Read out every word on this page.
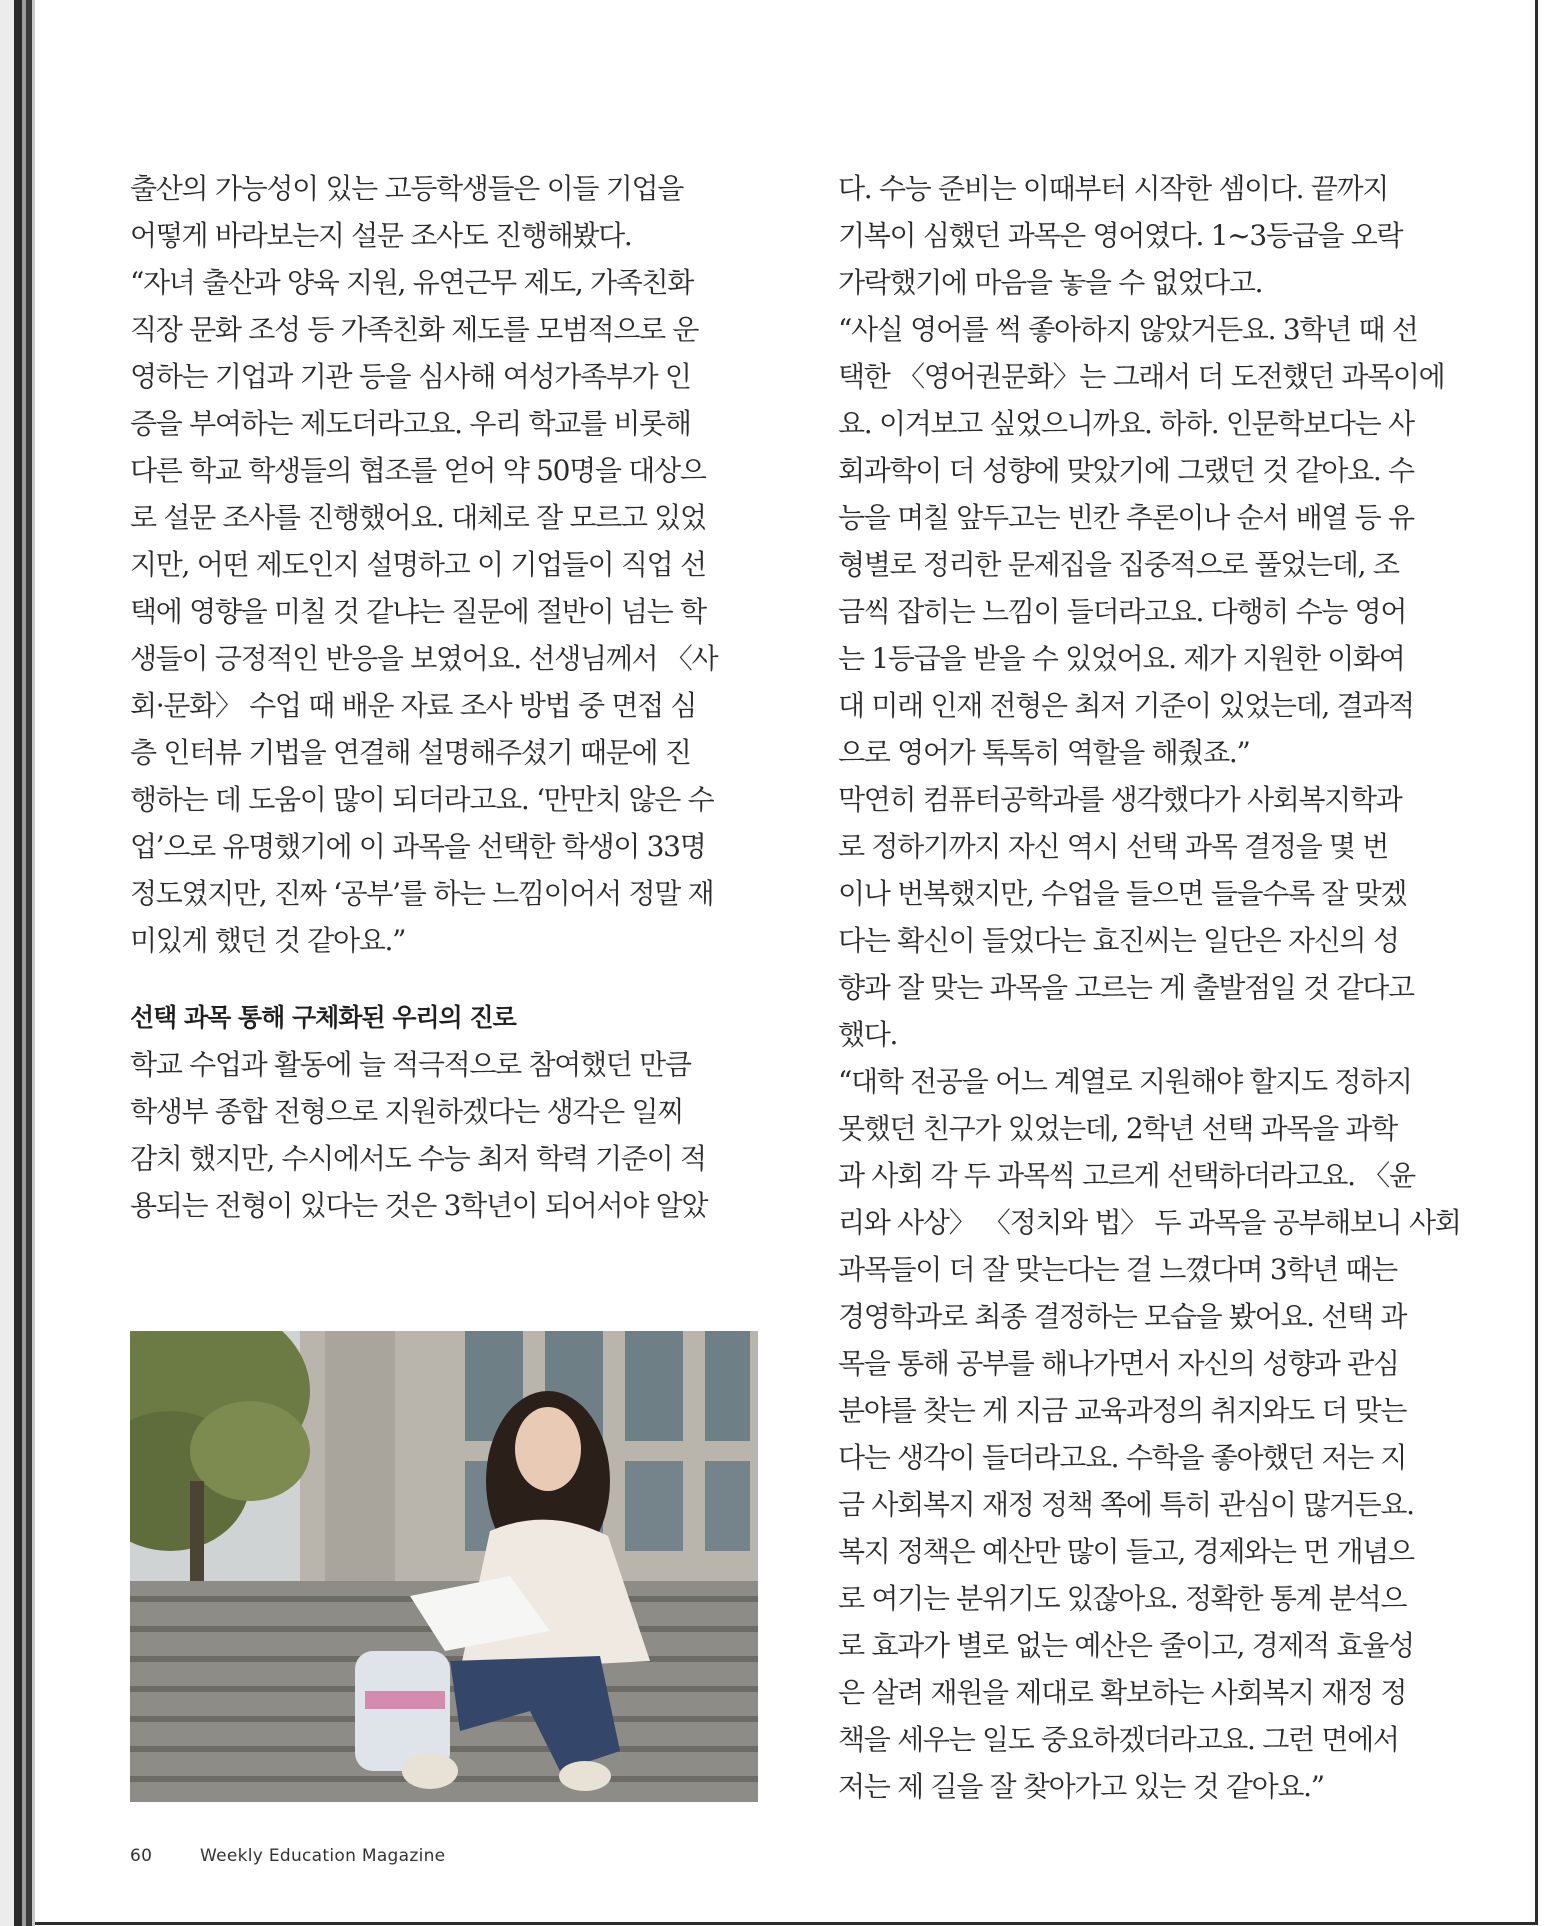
출산의 가능성이 있는 고등학생들은 이들 기업을
어떻게 바라보는지 설문 조사도 진행해봤다.
“자녀 출산과 양육 지원, 유연근무 제도, 가족친화
직장 문화 조성 등 가족친화 제도를 모범적으로 운
영하는 기업과 기관 등을 심사해 여성가족부가 인
증을 부여하는 제도더라고요. 우리 학교를 비롯해
다른 학교 학생들의 협조를 얻어 약 50명을 대상으
로 설문 조사를 진행했어요. 대체로 잘 모르고 있었
지만, 어떤 제도인지 설명하고 이 기업들이 직업 선
택에 영향을 미칠 것 같냐는 질문에 절반이 넘는 학
생들이 긍정적인 반응을 보였어요. 선생님께서 〈사
회·문화〉 수업 때 배운 자료 조사 방법 중 면접 심
층 인터뷰 기법을 연결해 설명해주셨기 때문에 진
행하는 데 도움이 많이 되더라고요. ‘만만치 않은 수
업’으로 유명했기에 이 과목을 선택한 학생이 33명
정도였지만, 진짜 ‘공부’를 하는 느낌이어서 정말 재
미있게 했던 것 같아요.”
선택 과목 통해 구체화된 우리의 진로
학교 수업과 활동에 늘 적극적으로 참여했던 만큼
학생부 종합 전형으로 지원하겠다는 생각은 일찌
감치 했지만, 수시에서도 수능 최저 학력 기준이 적
용되는 전형이 있다는 것은 3학년이 되어서야 알았
다. 수능 준비는 이때부터 시작한 셈이다. 끝까지
기복이 심했던 과목은 영어였다. 1~3등급을 오락
가락했기에 마음을 놓을 수 없었다고.
“사실 영어를 썩 좋아하지 않았거든요. 3학년 때 선
택한 〈영어권문화〉는 그래서 더 도전했던 과목이에
요. 이겨보고 싶었으니까요. 하하. 인문학보다는 사
회과학이 더 성향에 맞았기에 그랬던 것 같아요. 수
능을 며칠 앞두고는 빈칸 추론이나 순서 배열 등 유
형별로 정리한 문제집을 집중적으로 풀었는데, 조
금씩 잡히는 느낌이 들더라고요. 다행히 수능 영어
는 1등급을 받을 수 있었어요. 제가 지원한 이화여
대 미래 인재 전형은 최저 기준이 있었는데, 결과적
으로 영어가 톡톡히 역할을 해줬죠.”
막연히 컴퓨터공학과를 생각했다가 사회복지학과
로 정하기까지 자신 역시 선택 과목 결정을 몇 번
이나 번복했지만, 수업을 들으면 들을수록 잘 맞겠
다는 확신이 들었다는 효진씨는 일단은 자신의 성
향과 잘 맞는 과목을 고르는 게 출발점일 것 같다고
했다.
“대학 전공을 어느 계열로 지원해야 할지도 정하지
못했던 친구가 있었는데, 2학년 선택 과목을 과학
과 사회 각 두 과목씩 고르게 선택하더라고요. 〈윤
리와 사상〉 〈정치와 법〉 두 과목을 공부해보니 사회
과목들이 더 잘 맞는다는 걸 느꼈다며 3학년 때는
경영학과로 최종 결정하는 모습을 봤어요. 선택 과
목을 통해 공부를 해나가면서 자신의 성향과 관심
분야를 찾는 게 지금 교육과정의 취지와도 더 맞는
다는 생각이 들더라고요. 수학을 좋아했던 저는 지
금 사회복지 재정 정책 쪽에 특히 관심이 많거든요.
복지 정책은 예산만 많이 들고, 경제와는 먼 개념으
로 여기는 분위기도 있잖아요. 정확한 통계 분석으
로 효과가 별로 없는 예산은 줄이고, 경제적 효율성
은 살려 재원을 제대로 확보하는 사회복지 재정 정
책을 세우는 일도 중요하겠더라고요. 그런 면에서
저는 제 길을 잘 찾아가고 있는 것 같아요.”
60	Weekly Education Magazine
